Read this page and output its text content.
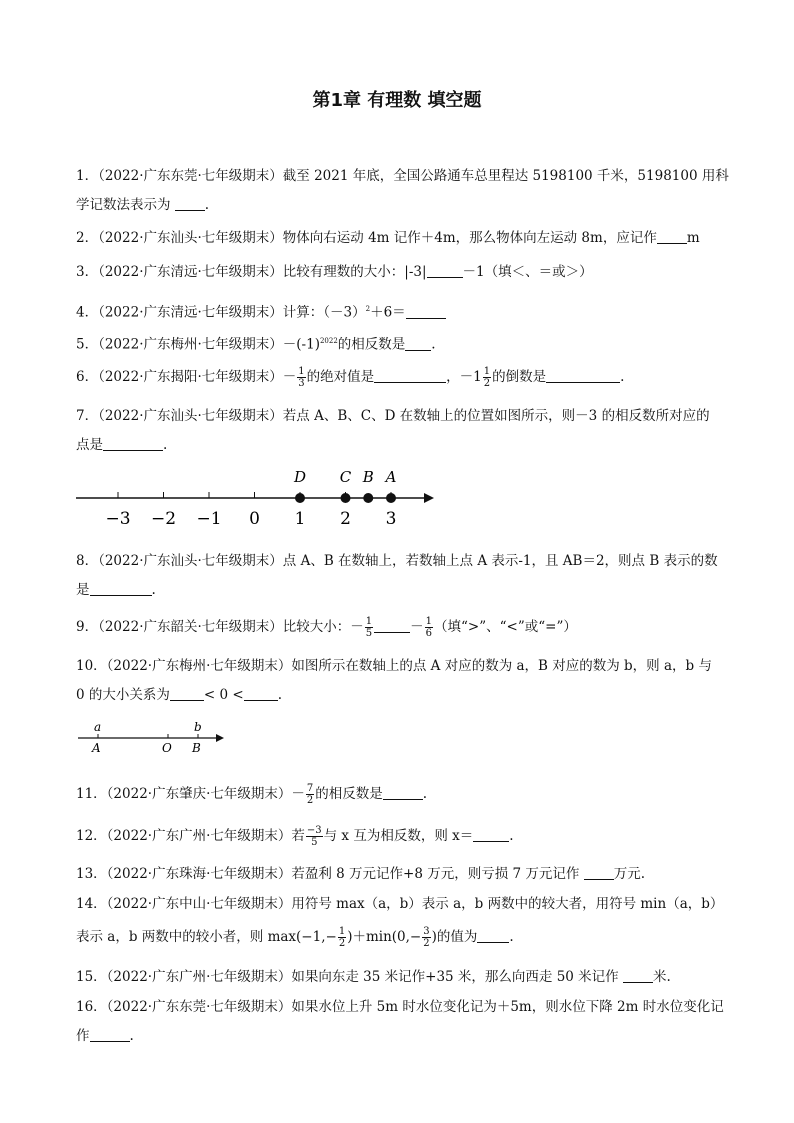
第1章 有理数 填空题
1．（2022·广东东莞·七年级期末）截至 2021 年底，全国公路通车总里程达 5198100 千米，5198100 用科
学记数法表示为	.
2．（2022·广东汕头·七年级期末）物体向右运动 4m 记作＋4m，那么物体向左运动 8m，应记作 m
3．（2022·广东清远·七年级期末）比较有理数的大小：|-3|	－1（填＜、＝或＞）
4．（2022·广东清远·七年级期末）计算：$(-3)^2+6=$
5．（2022·广东梅州·七年级期末）$-(-1)^{2022}$的相反数是 .
6．（2022·广东揭阳·七年级期末）－ $\frac{1}{3}$ 的绝对值是	，$-1 \frac{1}{2}$ 的倒数是	.
7．（2022·广东汕头·七年级期末）若点 A、B、C、D 在数轴上的位置如图所示，则－3 的相反数所对应的
点是	.
−3 −2 −1 0 1 2 3
D C B A
8．（2022·广东汕头·七年级期末）点 A、B 在数轴上，若数轴上点 A 表示-1，且 AB＝2，则点 B 表示的数
是	.
9．（2022·广东韶关·七年级期末）比较大小：－ $\frac{1}{5}$	－ $\frac{1}{6}$ （填“>”、“<”或“=”）
10．（2022·广东梅州·七年级期末）如图所示在数轴上的点 A 对应的数为 a，B 对应的数为 b，则 a，b 与
0 的大小关系为	< 0 <	.
a	b
A	O B
11．（2022·广东肇庆·七年级期末）－ $\frac{7}{2}$ 的相反数是	.
12．（2022·广东广州·七年级期末）若 $\frac{-3}{5}$ 与 x 互为相反数，则 x＝	.
13．（2022·广东珠海·七年级期末）若盈利 8 万元记作+8 万元，则亏损 7 万元记作	万元.
14．（2022·广东中山·七年级期末）用符号 max（a，b）表示 a，b 两数中的较大者，用符号 min（a，b）
表示 a，b 两数中的较小者，则 $\max(-1,- \frac{1}{2} )+\min(0,- \frac{3}{2}$ )的值为 .
15．（2022·广东广州·七年级期末）如果向东走 35 米记作+35 米，那么向西走 50 米记作	米.
16．（2022·广东东莞·七年级期末）如果水位上升 5m 时水位变化记为＋5m，则水位下降 2m 时水位变化记
作	.
